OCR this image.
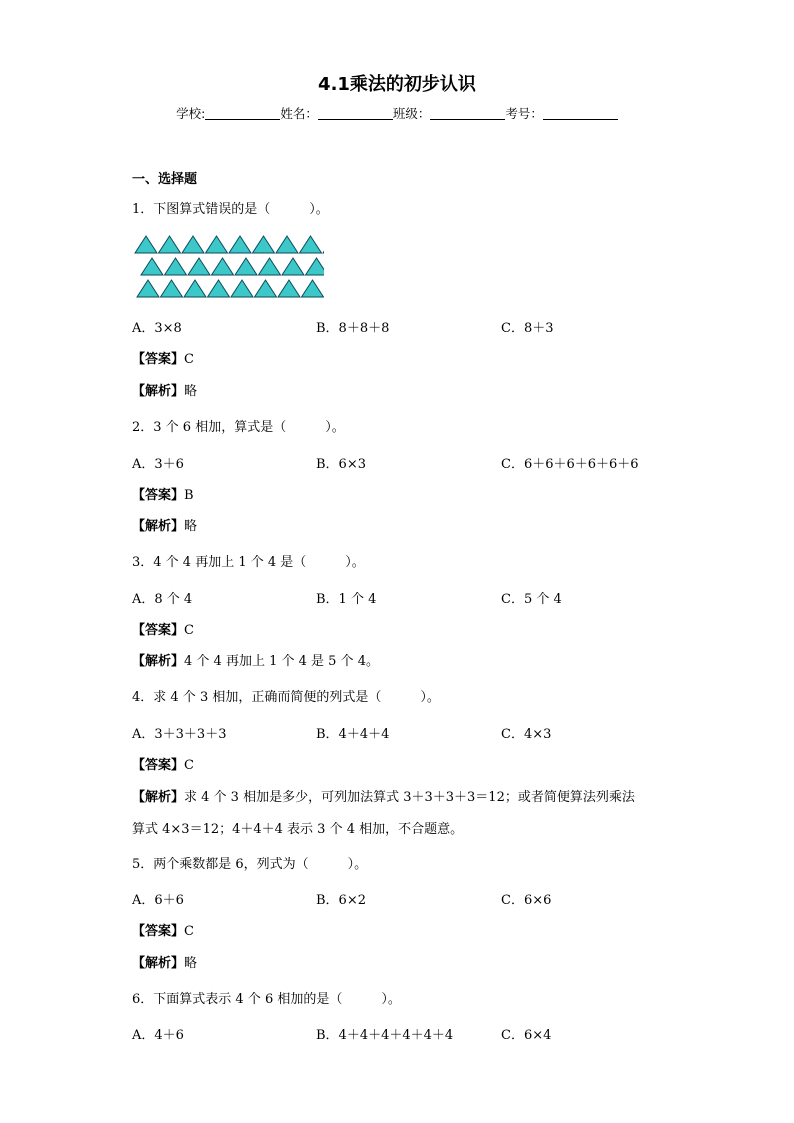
4.1乘法的初步认识
学校:	姓名：	班级：	考号：
一、选择题
1．下图算式错误的是（　　　）。
A．3×8	B．8＋8＋8	C．8＋3
【答案】C
【解析】略
2．3 个 6 相加，算式是（　　　）。
A．3＋6	B．6×3	C．6＋6＋6＋6＋6＋6
【答案】B
【解析】略
3．4 个 4 再加上 1 个 4 是（　　　）。
A．8 个 4	B．1 个 4	C．5 个 4
【答案】C
【解析】4 个 4 再加上 1 个 4 是 5 个 4。
4．求 4 个 3 相加，正确而简便的列式是（　　　）。
A．3＋3＋3＋3	B．4＋4＋4	C．4×3
【答案】C
【解析】求 4 个 3 相加是多少，可列加法算式 3＋3＋3＋3＝12；或者简便算法列乘法
算式 4×3＝12；4＋4＋4 表示 3 个 4 相加，不合题意。
5．两个乘数都是 6，列式为（　　　）。
A．6＋6	B．6×2	C．6×6
【答案】C
【解析】略
6．下面算式表示 4 个 6 相加的是（　　　）。
A．4＋6	B．4＋4＋4＋4＋4＋4	C．6×4
